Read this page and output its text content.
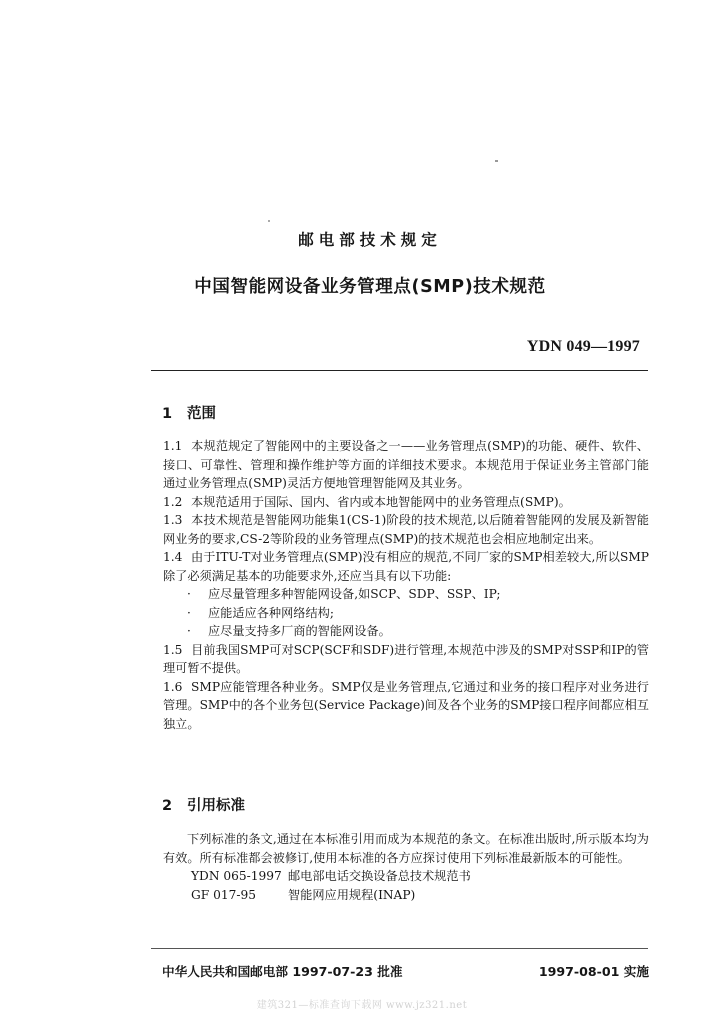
邮电部技术规定
中国智能网设备业务管理点(SMP)技术规范
YDN 049—1997
1 范围

1.1 本规范规定了智能网中的主要设备之一——业务管理点(SMP)的功能、硬件、软件、接口、可靠性、管理和操作维护等方面的详细技术要求。本规范用于保证业务主管部门能通过业务管理点(SMP)灵活方便地管理智能网及其业务。

1.2 本规范适用于国际、国内、省内或本地智能网中的业务管理点(SMP)。

1.3 本技术规范是智能网功能集1(CS-1)阶段的技术规范,以后随着智能网的发展及新智能网业务的要求,CS-2等阶段的业务管理点(SMP)的技术规范也会相应地制定出来。

1.4 由于ITU-T对业务管理点(SMP)没有相应的规范,不同厂家的SMP相差较大,所以SMP除了必须满足基本的功能要求外,还应当具有以下功能:

· 应尽量管理多种智能网设备,如SCP、SDP、SSP、IP;

· 应能适应各种网络结构;

· 应尽量支持多厂商的智能网设备。

1.5 目前我国SMP可对SCP(SCF和SDF)进行管理,本规范中涉及的SMP对SSP和IP的管理可暂不提供。

1.6 SMP应能管理各种业务。SMP仅是业务管理点,它通过和业务的接口程序对业务进行管理。SMP中的各个业务包(Service Package)间及各个业务的SMP接口程序间都应相互独立。

2 引用标准

下列标准的条文,通过在本标准引用而成为本规范的条文。在标准出版时,所示版本均为有效。所有标准都会被修订,使用本标准的各方应探讨使用下列标准最新版本的可能性。

YDN 065-1997 邮电部电话交换设备总技术规范书

GF 017-95	智能网应用规程(INAP)

中华人民共和国邮电部 1997-07-23 批准	1997-08-01 实施
建筑321—标准查询下载网 www.jz321.net
